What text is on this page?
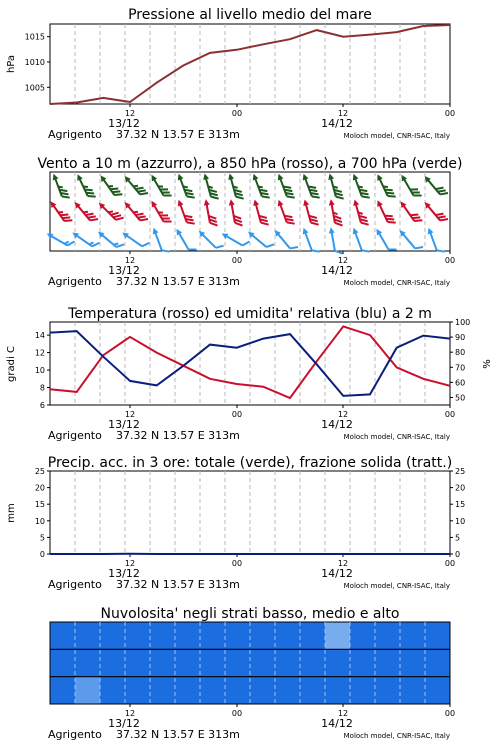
Pressione al livello medio del mare
hPa
12	00	12	00
13/12	14/12
Agrigento 37.32 N 13.57 E 313m	Moloch model, CNR-ISAC, Italy
1005
1010
1015
Vento a 10 m (azzurro), a 850 hPa (rosso), a 700 hPa (verde)
12	00	12	00
13/12	14/12
Agrigento 37.32 N 13.57 E 313m	Moloch model, CNR-ISAC, Italy
Temperatura (rosso) ed umidita' relativa (blu) a 2 m
gradi C	%
12	00	12	00
13/12	14/12
Agrigento 37.32 N 13.57 E 313m	Moloch model, CNR-ISAC, Italy
6
8
10
12
14
50
60
70
80
90
100
Precip. acc. in 3 ore: totale (verde), frazione solida (tratt.)
mm
12	00	12	00
13/12	14/12
Agrigento 37.32 N 13.57 E 313m	Moloch model, CNR-ISAC, Italy
0	0
5	5
10	10
15	15
20	20
25	25
Nuvolosita' negli strati basso, medio e alto
12	00	12	00
13/12	14/12
Agrigento 37.32 N 13.57 E 313m	Moloch model, CNR-ISAC, Italy
